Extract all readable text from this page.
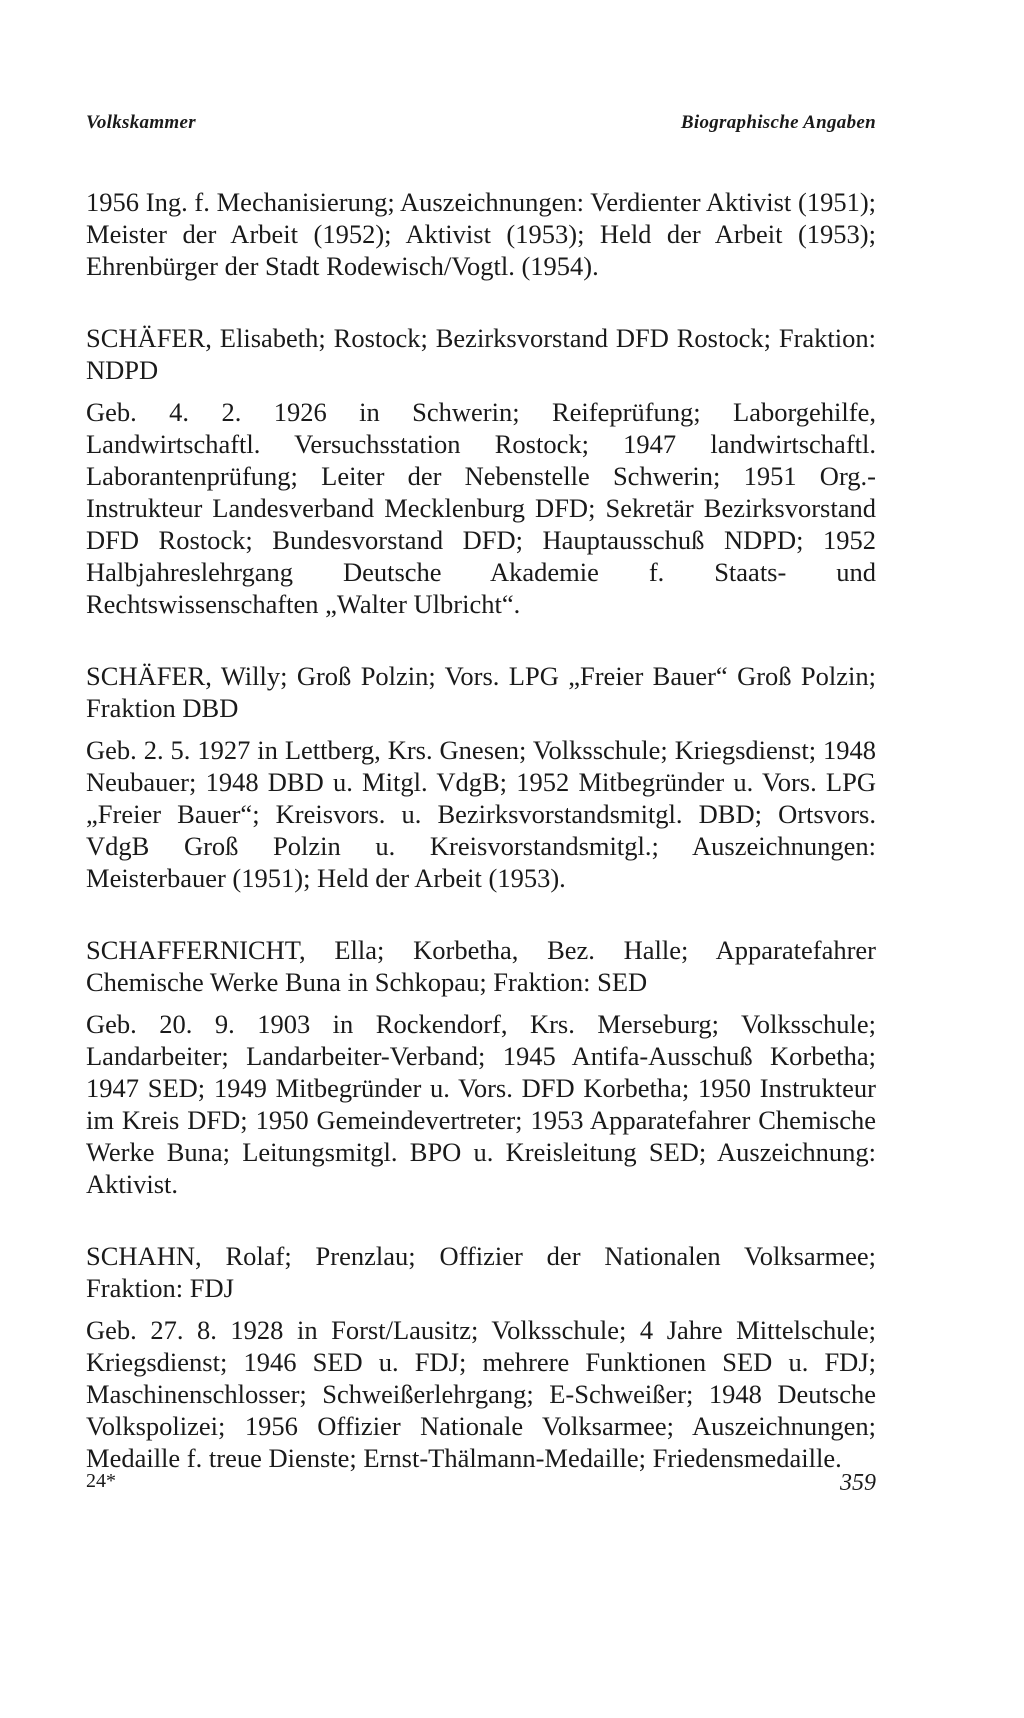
Volkskammer	Biographische Angaben

1956 Ing. f. Mechanisierung; Auszeichnungen: Verdienter Aktivist (1951); Meister der Arbeit (1952); Aktivist (1953); Held der Arbeit (1953); Ehrenbürger der Stadt Rodewisch/Vogtl. (1954).

SCHÄFER, Elisabeth; Rostock; Bezirksvorstand DFD Rostock; Fraktion: NDPD

Geb. 4. 2. 1926 in Schwerin; Reifeprüfung; Laborgehilfe, Landwirtschaftl. Versuchsstation Rostock; 1947 landwirtschaftl. Laborantenprüfung; Leiter der Nebenstelle Schwerin; 1951 Org.-Instrukteur Landesverband Mecklenburg DFD; Sekretär Bezirksvorstand DFD Rostock; Bundesvorstand DFD; Hauptausschuß NDPD; 1952 Halbjahreslehrgang Deutsche Akademie f. Staats- und Rechtswissenschaften „Walter Ulbricht“.

SCHÄFER, Willy; Groß Polzin; Vors. LPG „Freier Bauer“ Groß Polzin; Fraktion DBD

Geb. 2. 5. 1927 in Lettberg, Krs. Gnesen; Volksschule; Kriegsdienst; 1948 Neubauer; 1948 DBD u. Mitgl. VdgB; 1952 Mitbegründer u. Vors. LPG „Freier Bauer“; Kreisvors. u. Bezirksvorstandsmitgl. DBD; Ortsvors. VdgB Groß Polzin u. Kreisvorstandsmitgl.; Auszeichnungen: Meisterbauer (1951); Held der Arbeit (1953).

SCHAFFERNICHT, Ella; Korbetha, Bez. Halle; Apparatefahrer Chemische Werke Buna in Schkopau; Fraktion: SED

Geb. 20. 9. 1903 in Rockendorf, Krs. Merseburg; Volksschule; Landarbeiter; Landarbeiter-Verband; 1945 Antifa-Ausschuß Korbetha; 1947 SED; 1949 Mitbegründer u. Vors. DFD Korbetha; 1950 Instrukteur im Kreis DFD; 1950 Gemeindevertreter; 1953 Apparatefahrer Chemische Werke Buna; Leitungsmitgl. BPO u. Kreisleitung SED; Auszeichnung: Aktivist.

SCHAHN, Rolaf; Prenzlau; Offizier der Nationalen Volksarmee; Fraktion: FDJ

Geb. 27. 8. 1928 in Forst/Lausitz; Volksschule; 4 Jahre Mittelschule; Kriegsdienst; 1946 SED u. FDJ; mehrere Funktionen SED u. FDJ; Maschinenschlosser; Schweißerlehrgang; E-Schweißer; 1948 Deutsche Volkspolizei; 1956 Offizier Nationale Volksarmee; Auszeichnungen; Medaille f. treue Dienste; Ernst-Thälmann-Medaille; Friedensmedaille.

24*	359
